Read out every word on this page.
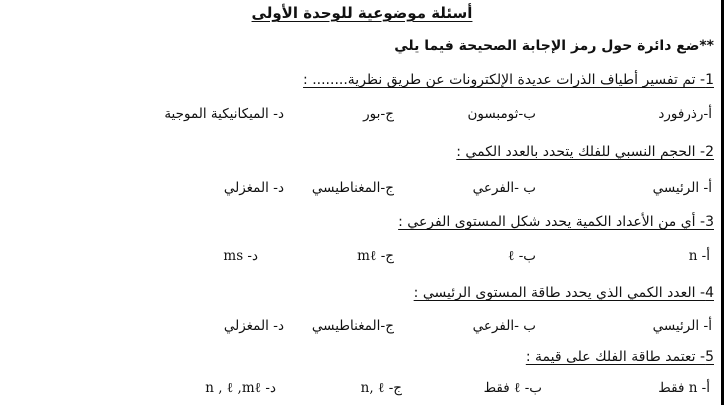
أسئلة موضوعية للوحدة الأولى
**ضع دائرة حول رمز الإجابة الصحيحة فيما يلي
1- تم تفسير أطياف الذرات عديدة الإلكترونات عن طريق نظرية........ :
أ-رذرفورد
ب-ثومبسون
ج-بور
د- الميكانيكية الموجية
2- الحجم النسبي للفلك يتحدد بالعدد الكمي :
أ- الرئيسي
ب -الفرعي
ج-المغناطيسي
د- المغزلي
3- أي من الأعداد الكمية يحدد شكل المستوى الفرعي :
أ- n
ب- ℓ
ج- mℓ
د- ms
4- العدد الكمي الذي يحدد طاقة المستوى الرئيسي :
أ- الرئيسي
ب -الفرعي
ج-المغناطيسي
د- المغزلي
5- تعتمد طاقة الفلك على قيمة :
أ- n فقط
ب- ℓ فقط
ج- n, ℓ
د- n , ℓ ,mℓ
